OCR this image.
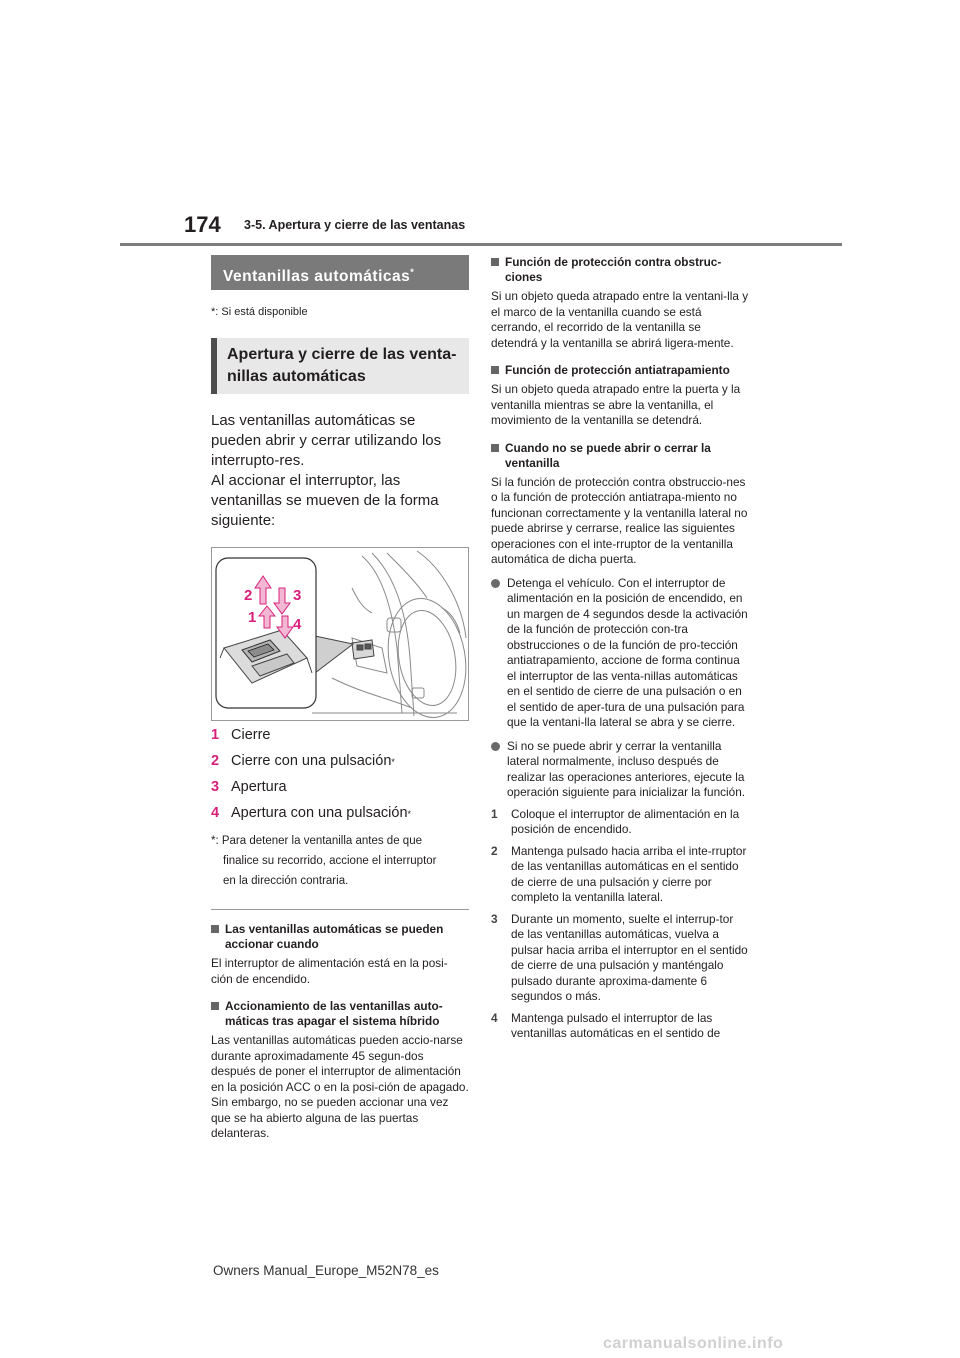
174 3-5. Apertura y cierre de las ventanas
Ventanillas automáticas*
*: Si está disponible
Apertura y cierre de las venta-
nillas automáticas

Las ventanillas automáticas se pueden abrir y cerrar utilizando los interrupto-res.

Al accionar el interruptor, las ventanillas se mueven de la forma siguiente:

1
2	3
4
1 Cierre
2 Cierre con una pulsación *
3 Apertura
4 Apertura con una pulsación *
*: Para detener la ventanilla antes de que
finalice su recorrido, accione el interruptor
en la dirección contraria.
Las ventanillas automáticas se pueden accionar cuando

El interruptor de alimentación está en la posi-ción de encendido.

Accionamiento de las ventanillas auto-máticas tras apagar el sistema híbrido

Las ventanillas automáticas pueden accio-narse durante aproximadamente 45 segun-dos después de poner el interruptor de alimentación en la posición ACC o en la posi-ción de apagado. Sin embargo, no se pueden accionar una vez que se ha abierto alguna de las puertas delanteras.

Función de protección contra obstruc-ciones

Si un objeto queda atrapado entre la ventani-lla y el marco de la ventanilla cuando se está cerrando, el recorrido de la ventanilla se detendrá y la ventanilla se abrirá ligera-mente.

Función de protección antiatrapamiento

Si un objeto queda atrapado entre la puerta y la ventanilla mientras se abre la ventanilla, el movimiento de la ventanilla se detendrá.

Cuando no se puede abrir o cerrar la ventanilla

Si la función de protección contra obstruccio-nes o la función de protección antiatrapa-miento no funcionan correctamente y la ventanilla lateral no puede abrirse y cerrarse, realice las siguientes operaciones con el inte-rruptor de la ventanilla automática de dicha puerta.

Detenga el vehículo. Con el interruptor de alimentación en la posición de encendido, en un margen de 4 segundos desde la activación de la función de protección con-tra obstrucciones o de la función de pro-tección antiatrapamiento, accione de forma continua el interruptor de las venta-nillas automáticas en el sentido de cierre de una pulsación o en el sentido de aper-tura de una pulsación para que la ventani-lla lateral se abra y se cierre.
Si no se puede abrir y cerrar la ventanilla lateral normalmente, incluso después de realizar las operaciones anteriores, ejecute la operación siguiente para inicializar la función.
1	Coloque el interruptor de alimentación en la posición de encendido.
2	Mantenga pulsado hacia arriba el inte-rruptor de las ventanillas automáticas en el sentido de cierre de una pulsación y cierre por completo la ventanilla lateral.
3	Durante un momento, suelte el interrup-tor de las ventanillas automáticas, vuelva a pulsar hacia arriba el interruptor en el sentido de cierre de una pulsación y manténgalo pulsado durante aproxima-damente 6 segundos o más.
4	Mantenga pulsado el interruptor de las ventanillas automáticas en el sentido de
Owners Manual_Europe_M52N78_es
carmanualsonline.info
